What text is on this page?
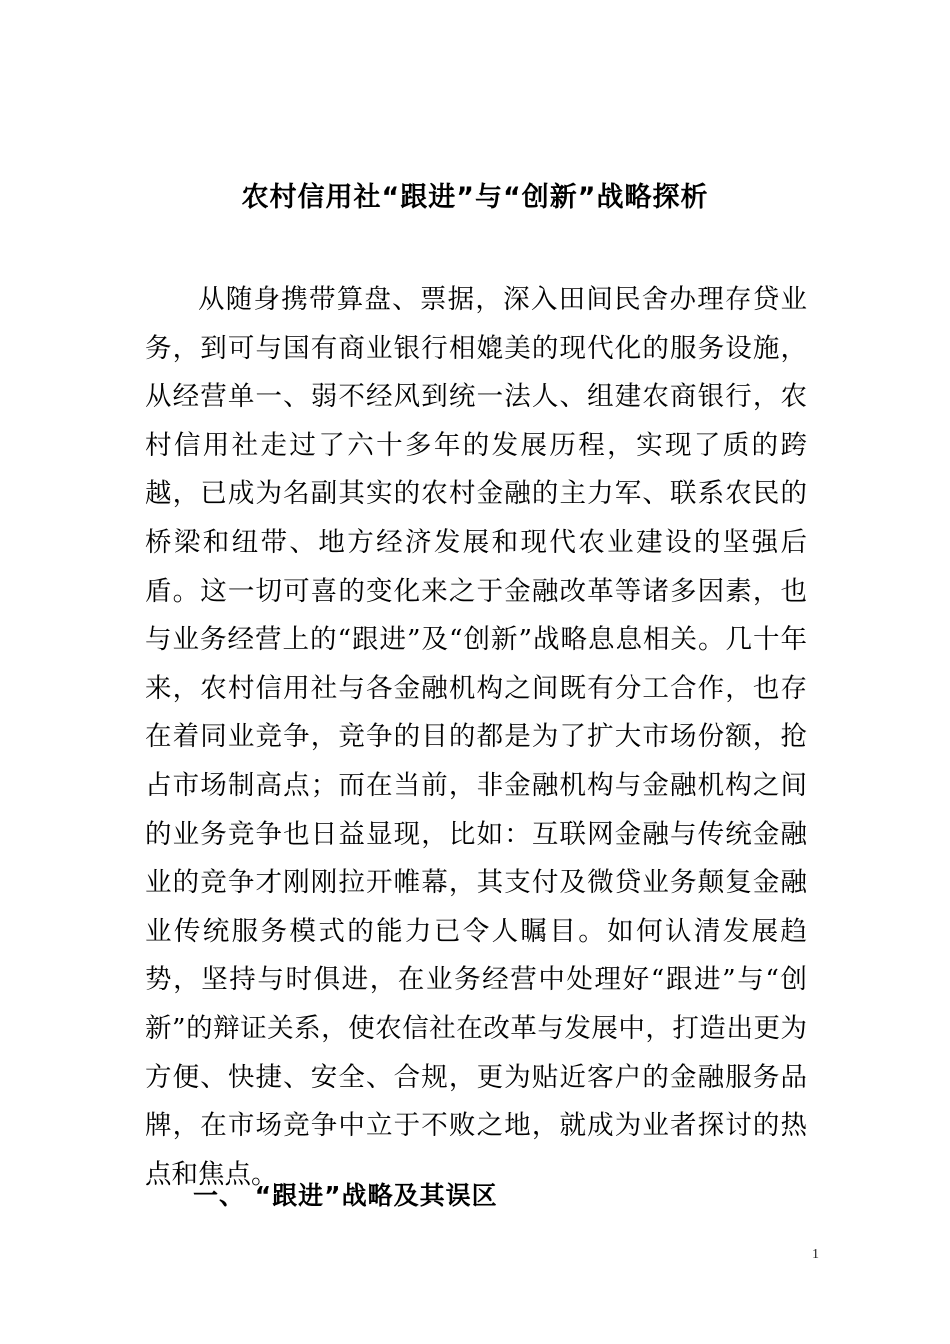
农村信用社“跟进”与“创新”战略探析

从随身携带算盘、票据，深入田间民舍办理存贷业务，到可与国有商业银行相媲美的现代化的服务设施，从经营单一、弱不经风到统一法人、组建农商银行，农村信用社走过了六十多年的发展历程，实现了质的跨越，已成为名副其实的农村金融的主力军、联系农民的桥梁和纽带、地方经济发展和现代农业建设的坚强后盾。这一切可喜的变化来之于金融改革等诸多因素，也与业务经营上的“跟进”及“创新”战略息息相关。几十年来，农村信用社与各金融机构之间既有分工合作，也存在着同业竞争，竞争的目的都是为了扩大市场份额，抢占市场制高点；而在当前，非金融机构与金融机构之间的业务竞争也日益显现，比如：互联网金融与传统金融业的竞争才刚刚拉开帷幕，其支付及微贷业务颠复金融业传统服务模式的能力已令人瞩目。如何认清发展趋势，坚持与时俱进，在业务经营中处理好“跟进”与“创新”的辩证关系，使农信社在改革与发展中，打造出更为方便、快捷、安全、合规，更为贴近客户的金融服务品牌，在市场竞争中立于不败之地，就成为业者探讨的热点和焦点。

一、 “跟进”战略及其误区
1
